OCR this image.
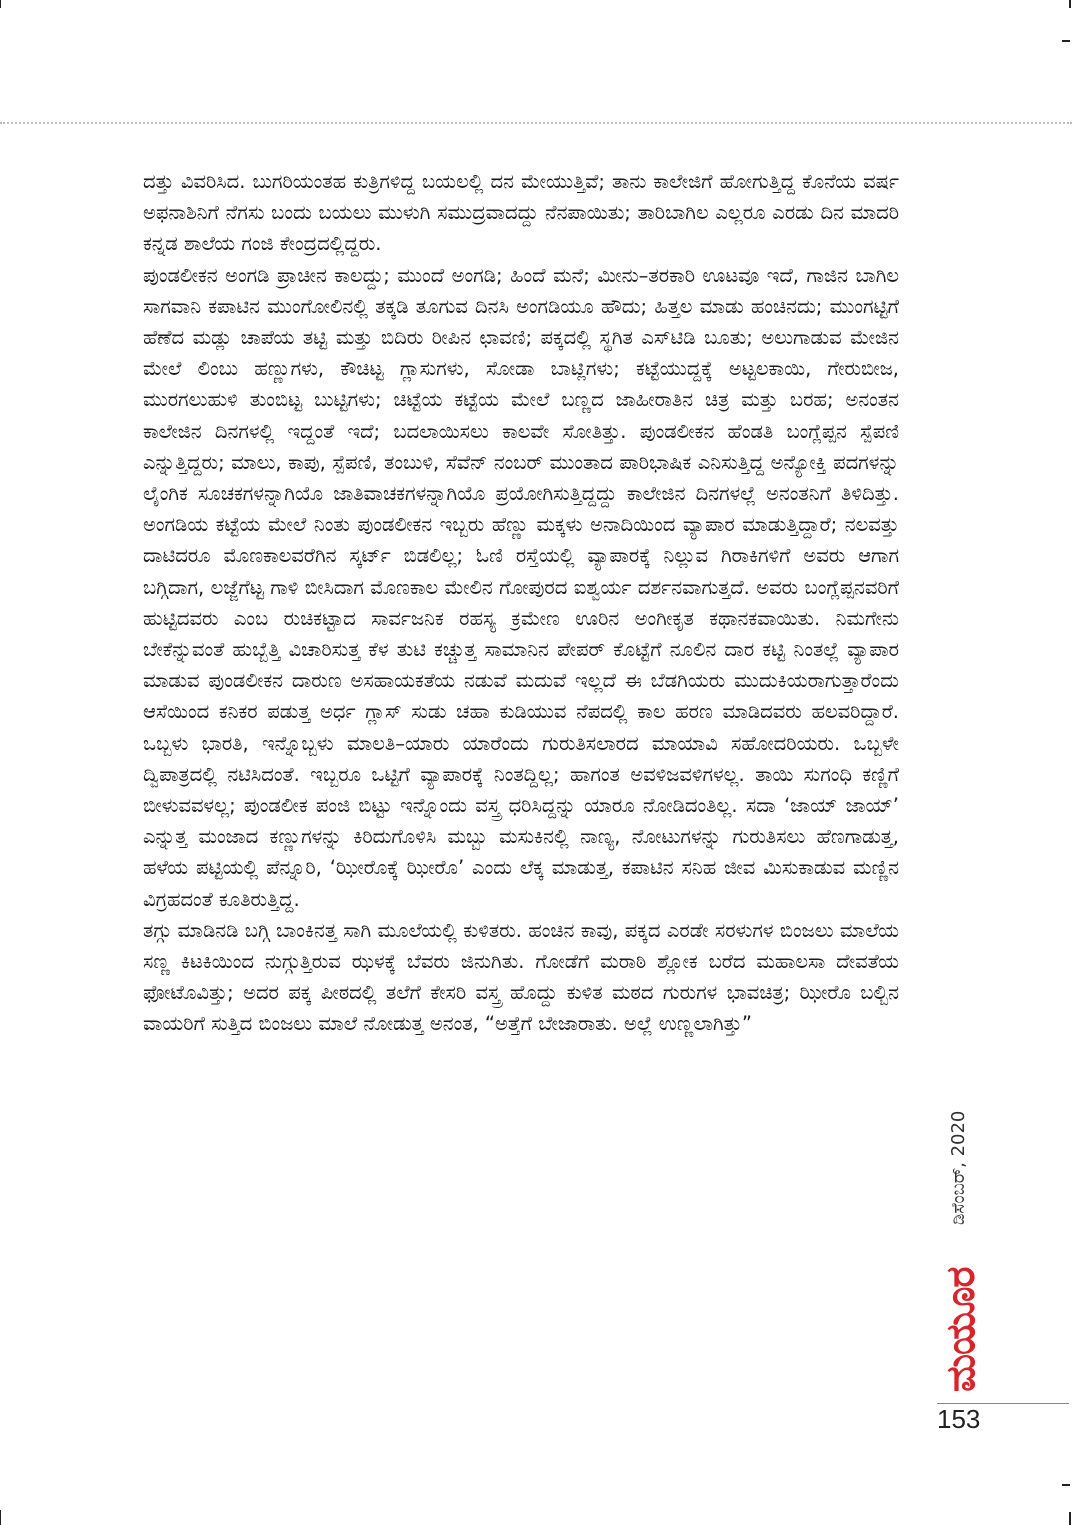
ದತ್ತು ವಿವರಿಸಿದ. ಬುಗರಿಯಂತಹ ಕುತ್ರಿಗಳಿದ್ದ ಬಯಲಲ್ಲಿ ದನ ಮೇಯುತ್ತಿವೆ; ತಾನು ಕಾಲೇಜಿಗೆ ಹೋಗುತ್ತಿದ್ದ ಕೊನೆಯ ವರ್ಷ ಅಫನಾಶಿನಿಗೆ ನೆಗಸು ಬಂದು ಬಯಲು ಮುಳುಗಿ ಸಮುದ್ರವಾದದ್ದು ನೆನಪಾಯಿತು; ತಾರಿಬಾಗಿಲ ಎಲ್ಲರೂ ಎರಡು ದಿನ ಮಾದರಿ ಕನ್ನಡ ಶಾಲೆಯ ಗಂಜಿ ಕೇಂದ್ರದಲ್ಲಿದ್ದರು.

ಪುಂಡಲೀಕನ ಅಂಗಡಿ ಪ್ರಾಚೀನ ಕಾಲದ್ದು; ಮುಂದೆ ಅಂಗಡಿ; ಹಿಂದೆ ಮನೆ; ಮೀನು–ತರಕಾರಿ ಊಟವೂ ಇದೆ, ಗಾಜಿನ ಬಾಗಿಲ ಸಾಗವಾನಿ ಕಪಾಟಿನ ಮುಂಗೋಲಿನಲ್ಲಿ ತಕ್ಕಡಿ ತೂಗುವ ದಿನಸಿ ಅಂಗಡಿಯೂ ಹೌದು; ಹಿತ್ತಲ ಮಾಡು ಹಂಚಿನದು; ಮುಂಗಟ್ಟಿಗೆ ಹೆಣೆದ ಮಡ್ಲು ಚಾಪೆಯ ತಟ್ಟಿ ಮತ್ತು ಬಿದಿರು ರೀಪಿನ ಛಾವಣಿ; ಪಕ್ಕದಲ್ಲಿ ಸ್ಥಗಿತ ಎಸ್‌ಟಿಡಿ ಬೂತು; ಅಲುಗಾಡುವ ಮೇಜಿನ ಮೇಲೆ ಲಿಂಬು ಹಣ್ಣುಗಳು, ಕೌಚಿಟ್ಟ ಗ್ಲಾಸುಗಳು, ಸೋಡಾ ಬಾಟ್ಲಿಗಳು; ಕಟ್ಟೆಯುದ್ದಕ್ಕೆ ಅಟ್ಟಲಕಾಯಿ, ಗೇರುಬೀಜ, ಮುರಗಲುಹುಳಿ ತುಂಬಿಟ್ಟ ಬುಟ್ಟಿಗಳು; ಚಿಟ್ಟೆಯ ಕಟ್ಟೆಯ ಮೇಲೆ ಬಣ್ಣದ ಜಾಹೀರಾತಿನ ಚಿತ್ರ ಮತ್ತು ಬರಹ; ಅನಂತನ ಕಾಲೇಜಿನ ದಿನಗಳಲ್ಲಿ ಇದ್ದಂತೆ ಇದೆ; ಬದಲಾಯಿಸಲು ಕಾಲವೇ ಸೋತಿತ್ತು. ಪುಂಡಲೀಕನ ಹೆಂಡತಿ ಬಂಗ್ಲೆಪ್ಪನ ಸ್ಪೆಪಣಿ ಎನ್ನುತ್ತಿದ್ದರು; ಮಾಲು, ಕಾಪು, ಸ್ಪೆಪಣಿ, ತಂಬುಳಿ, ಸೆವೆನ್ ನಂಬರ್ ಮುಂತಾದ ಪಾರಿಭಾಷಿಕ ಎನಿಸುತ್ತಿದ್ದ ಅನ್ಯೋಕ್ತಿ ಪದಗಳನ್ನು ಲೈಂಗಿಕ ಸೂಚಕಗಳನ್ನಾಗಿಯೊ ಜಾತಿವಾಚಕಗಳನ್ನಾಗಿಯೊ ಪ್ರಯೋಗಿಸುತ್ತಿದ್ದದ್ದು ಕಾಲೇಜಿನ ದಿನಗಳಲ್ಲೆ ಅನಂತನಿಗೆ ತಿಳಿದಿತ್ತು. ಅಂಗಡಿಯ ಕಟ್ಟೆಯ ಮೇಲೆ ನಿಂತು ಪುಂಡಲೀಕನ ಇಬ್ಬರು ಹೆಣ್ಣು ಮಕ್ಕಳು ಅನಾದಿಯಿಂದ ವ್ಯಾಪಾರ ಮಾಡುತ್ತಿದ್ದಾರೆ; ನಲವತ್ತು ದಾಟಿದರೂ ಮೊಣಕಾಲವರೆಗಿನ ಸ್ಕರ್ಟ್ ಬಿಡಲಿಲ್ಲ; ಓಣಿ ರಸ್ತೆಯಲ್ಲಿ ವ್ಯಾಪಾರಕ್ಕೆ ನಿಲ್ಲುವ ಗಿರಾಕಿಗಳಿಗೆ ಅವರು ಆಗಾಗ ಬಗ್ಗಿದಾಗ, ಲಜ್ಜೆಗೆಟ್ಟ ಗಾಳಿ ಬೀಸಿದಾಗ ಮೊಣಕಾಲ ಮೇಲಿನ ಗೋಪುರದ ಐಶ್ವರ್ಯ ದರ್ಶನವಾಗುತ್ತದೆ. ಅವರು ಬಂಗ್ಲೆಪ್ಪನವರಿಗೆ ಹುಟ್ಟಿದವರು ಎಂಬ ರುಚಿಕಟ್ಟಾದ ಸಾರ್ವಜನಿಕ ರಹಸ್ಯ ಕ್ರಮೇಣ ಊರಿನ ಅಂಗೀಕೃತ ಕಥಾನಕವಾಯಿತು. ನಿಮಗೇನು ಬೇಕೆನ್ನುವಂತೆ ಹುಬ್ಬೆತ್ತಿ ವಿಚಾರಿಸುತ್ತ ಕೆಳ ತುಟಿ ಕಚ್ಚುತ್ತ ಸಾಮಾನಿನ ಪೇಪರ್ ಕೊಟ್ಟೆಗೆ ನೂಲಿನ ದಾರ ಕಟ್ಟಿ ನಿಂತಲ್ಲೆ ವ್ಯಾಪಾರ ಮಾಡುವ ಪುಂಡಲೀಕನ ದಾರುಣ ಅಸಹಾಯಕತೆಯ ನಡುವೆ ಮದುವೆ ಇಲ್ಲದೆ ಈ ಬೆಡಗಿಯರು ಮುದುಕಿಯರಾಗುತ್ತಾರೆಂದು ಆಸೆಯಿಂದ ಕನಿಕರ ಪಡುತ್ತ ಅರ್ಧ ಗ್ಲಾಸ್ ಸುಡು ಚಹಾ ಕುಡಿಯುವ ನೆಪದಲ್ಲಿ ಕಾಲ ಹರಣ ಮಾಡಿದವರು ಹಲವರಿದ್ದಾರೆ. ಒಬ್ಬಳು ಭಾರತಿ, ಇನ್ನೊಬ್ಬಳು ಮಾಲತಿ–ಯಾರು ಯಾರೆಂದು ಗುರುತಿಸಲಾರದ ಮಾಯಾವಿ ಸಹೋದರಿಯರು. ಒಬ್ಬಳೇ ದ್ವಿಪಾತ್ರದಲ್ಲಿ ನಟಿಸಿದಂತೆ. ಇಬ್ಬರೂ ಒಟ್ಟಿಗೆ ವ್ಯಾಪಾರಕ್ಕೆ ನಿಂತದ್ದಿಲ್ಲ; ಹಾಗಂತ ಅವಳಿಜವಳಿಗಳಲ್ಲ. ತಾಯಿ ಸುಗಂಧಿ ಕಣ್ಣಿಗೆ ಬೀಳುವವಳಲ್ಲ; ಪುಂಡಲೀಕ ಪಂಜಿ ಬಿಟ್ಟು ಇನ್ನೊಂದು ವಸ್ತ್ರ ಧರಿಸಿದ್ದನ್ನು ಯಾರೂ ನೋಡಿದಂತಿಲ್ಲ. ಸದಾ ‘ಜಾಯ್ ಜಾಯ್’ ಎನ್ನುತ್ತ ಮಂಜಾದ ಕಣ್ಣುಗಳನ್ನು ಕಿರಿದುಗೊಳಿಸಿ ಮಬ್ಬು ಮಸುಕಿನಲ್ಲಿ ನಾಣ್ಯ, ನೋಟುಗಳನ್ನು ಗುರುತಿಸಲು ಹೆಣಗಾಡುತ್ತ, ಹಳೆಯ ಪಟ್ಟಿಯಲ್ಲಿ ಪೆನ್ನೂರಿ, ‘ಝೀರೊಕ್ಕೆ ಝೀರೊ’ ಎಂದು ಲೆಕ್ಕ ಮಾಡುತ್ತ, ಕಪಾಟಿನ ಸನಿಹ ಜೀವ ಮಿಸುಕಾಡುವ ಮಣ್ಣಿನ ವಿಗ್ರಹದಂತೆ ಕೂತಿರುತ್ತಿದ್ದ.

ತಗ್ಗು ಮಾಡಿನಡಿ ಬಗ್ಗಿ ಬಾಂಕಿನತ್ತ ಸಾಗಿ ಮೂಲೆಯಲ್ಲಿ ಕುಳಿತರು. ಹಂಚಿನ ಕಾವು, ಪಕ್ಕದ ಎರಡೇ ಸರಳುಗಳ ಬಿಂಜಲು ಮಾಲೆಯ ಸಣ್ಣ ಕಿಟಕಿಯಿಂದ ನುಗ್ಗುತ್ತಿರುವ ಝಳಕ್ಕೆ ಬೆವರು ಜಿನುಗಿತು. ಗೋಡೆಗೆ ಮರಾಠಿ ಶ್ಲೋಕ ಬರೆದ ಮಹಾಲಸಾ ದೇವತೆಯ ಫೋಟೊವಿತ್ತು; ಅದರ ಪಕ್ಕ ಪೀಠದಲ್ಲಿ ತಲೆಗೆ ಕೇಸರಿ ವಸ್ತ್ರ ಹೊದ್ದು ಕುಳಿತ ಮಠದ ಗುರುಗಳ ಭಾವಚಿತ್ರ; ಝೀರೊ ಬಲ್ಬಿನ ವಾಯರಿಗೆ ಸುತ್ತಿದ ಬಿಂಜಲು ಮಾಲೆ ನೋಡುತ್ತ ಅನಂತ, “ಅತ್ತೆಗೆ ಬೇಜಾರಾತು. ಅಲ್ಲೆ ಉಣ್ಣಲಾಗಿತ್ತು”

ಡಿಸೆಂಬರ್, 2020
ಮಯೂರ
153
